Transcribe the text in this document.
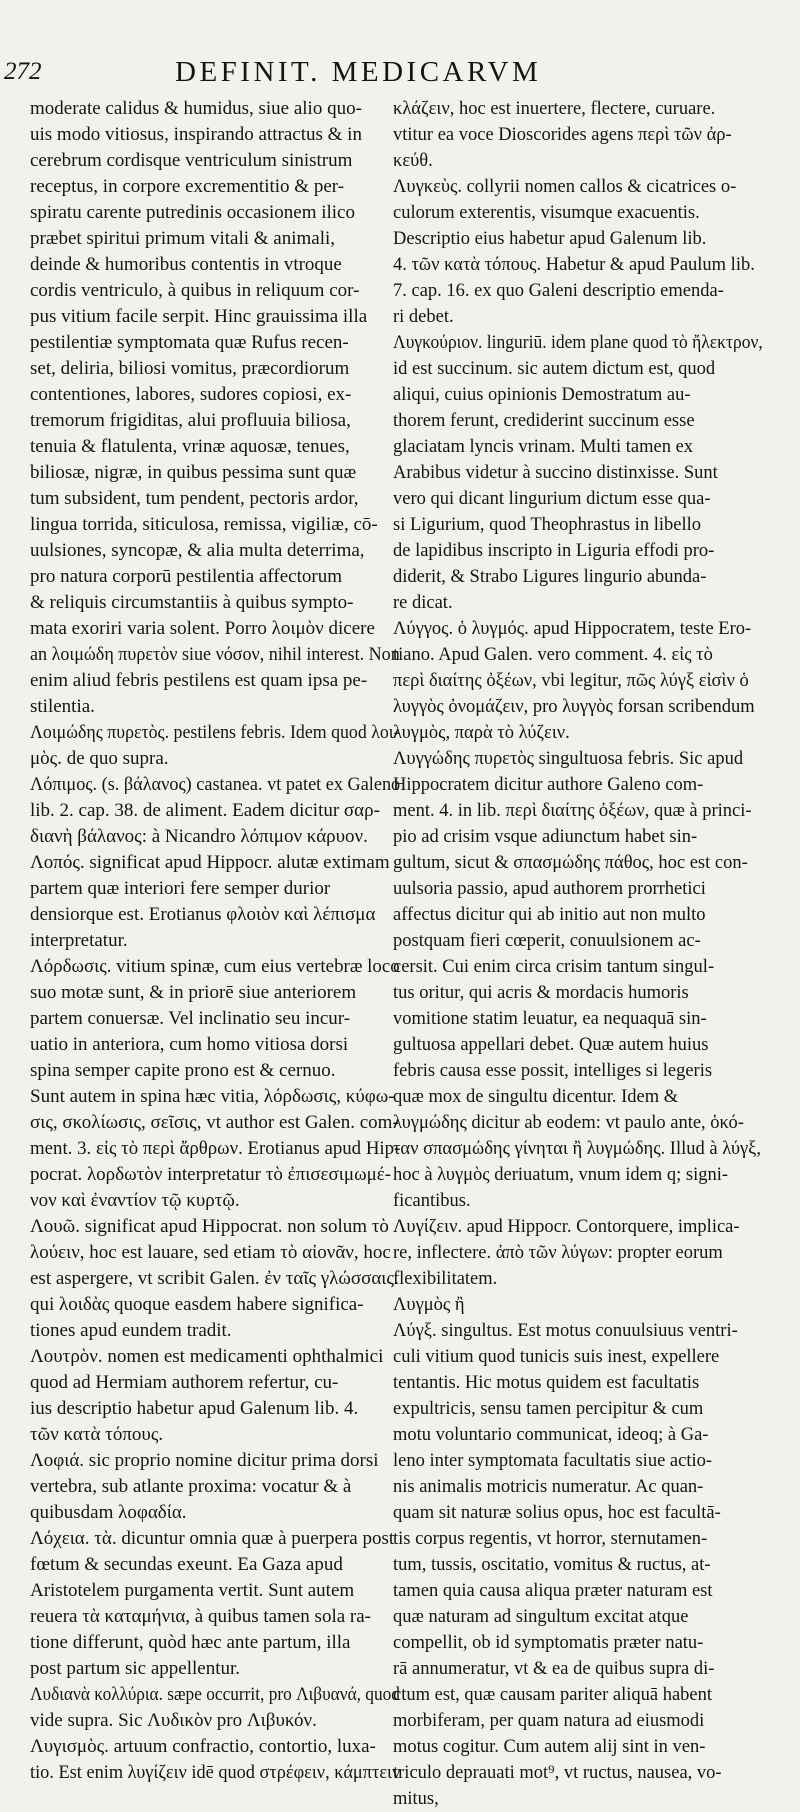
272	DEFINIT. MEDICARVM
moderate calidus & humidus, siue alio quo-
uis modo vitiosus, inspirando attractus & in
cerebrum cordisque ventriculum sinistrum
receptus, in corpore excrementitio & per-
spiratu carente putredinis occasionem ilico
præbet spiritui primum vitali & animali,
deinde & humoribus contentis in vtroque
cordis ventriculo, à quibus in reliquum cor-
pus vitium facile serpit. Hinc grauissima illa
pestilentiæ symptomata quæ Rufus recen-
set, deliria, biliosi vomitus, præcordiorum
contentiones, labores, sudores copiosi, ex-
tremorum frigiditas, alui profluuia biliosa,
tenuia & flatulenta, vrinæ aquosæ, tenues,
biliosæ, nigræ, in quibus pessima sunt quæ
tum subsident, tum pendent, pectoris ardor,
lingua torrida, siticulosa, remissa, vigiliæ, cō-
uulsiones, syncopæ, & alia multa deterrima,
pro natura corporū pestilentia affectorum
& reliquis circumstantiis à quibus sympto-
mata exoriri varia solent. Porro λοιμὸν dicere
an λοιμώδη πυρετὸν siue νόσον, nihil interest. Non
enim aliud febris pestilens est quam ipsa pe-
stilentia.
Λοιμώδης πυρετὸς. pestilens febris. Idem quod λοι-
μὸς. de quo supra.
Λόπιμος. (s. βάλανος) castanea. vt patet ex Galeno
lib. 2. cap. 38. de aliment. Eadem dicitur σαρ-
διανὴ βάλανος: à Nicandro λόπιμον κάρυον.
Λοπός. significat apud Hippocr. alutæ extimam
partem quæ interiori fere semper durior
densiorque est. Erotianus φλοιὸν καὶ λέπισμα
interpretatur.
Λόρδωσις. vitium spinæ, cum eius vertebræ loco
suo motæ sunt, & in priorē siue anteriorem
partem conuersæ. Vel inclinatio seu incur-
uatio in anteriora, cum homo vitiosa dorsi
spina semper capite prono est & cernuo.
Sunt autem in spina hæc vitia, λόρδωσις, κύφω-
σις, σκολίωσις, σεῖσις, vt author est Galen. com-
ment. 3. εἰς τὸ περὶ ἄρθρων. Erotianus apud Hip-
pocrat. λορδωτὸν interpretatur τὸ ἐπισεσιμωμέ-
νον καὶ ἐναντίον τῷ κυρτῷ.
Λουῶ. significat apud Hippocrat. non solum τὸ
λούειν, hoc est lauare, sed etiam τὸ αἰονᾶν, hoc
est aspergere, vt scribit Galen. ἐν ταῖς γλώσσαις.
qui λοιδὰς quoque easdem habere significa-
tiones apud eundem tradit.
Λουτρὸν. nomen est medicamenti ophthalmici
quod ad Hermiam authorem refertur, cu-
ius descriptio habetur apud Galenum lib. 4.
τῶν κατὰ τόπους.
Λοφιά. sic proprio nomine dicitur prima dorsi
vertebra, sub atlante proxima: vocatur & à
quibusdam λοφαδία.
Λόχεια. τὰ. dicuntur omnia quæ à puerpera post
fœtum & secundas exeunt. Ea Gaza apud
Aristotelem purgamenta vertit. Sunt autem
reuera τὰ καταμήνια, à quibus tamen sola ra-
tione differunt, quòd hæc ante partum, illa
post partum sic appellentur.
Λυδιανὰ κολλύρια. sæpe occurrit, pro Λιβυανά, quod
vide supra. Sic Λυδικὸν pro Λιβυκόν.
Λυγισμὸς. artuum confractio, contortio, luxa-
tio. Est enim λυγίζειν idē quod στρέφειν, κάμπτειν
κλάζειν, hoc est inuertere, flectere, curuare.
vtitur ea voce Dioscorides agens περὶ τῶν ἀρ-
κεύθ.
Λυγκεὺς. collyrii nomen callos & cicatrices o-
culorum exterentis, visumque exacuentis.
Descriptio eius habetur apud Galenum lib.
4. τῶν κατὰ τόπους. Habetur & apud Paulum lib.
7. cap. 16. ex quo Galeni descriptio emenda-
ri debet.
Λυγκούριον. linguriū. idem plane quod τὸ ἤλεκτρον,
id est succinum. sic autem dictum est, quod
aliqui, cuius opinionis Demostratum au-
thorem ferunt, crediderint succinum esse
glaciatam lyncis vrinam. Multi tamen ex
Arabibus videtur à succino distinxisse. Sunt
vero qui dicant lingurium dictum esse qua-
si Ligurium, quod Theophrastus in libello
de lapidibus inscripto in Liguria effodi pro-
diderit, & Strabo Ligures lingurio abunda-
re dicat.
Λύγγος. ὁ λυγμός. apud Hippocratem, teste Ero-
tiano. Apud Galen. vero comment. 4. εἰς τὸ
περὶ διαίτης ὀξέων, vbi legitur, πῶς λύγξ εἰσὶν ὁ
λυγγὸς ὀνομάζειν, pro λυγγὸς forsan scribendum
λυγμὸς, παρὰ τὸ λύζειν.
Λυγγώδης πυρετὸς singultuosa febris. Sic apud
Hippocratem dicitur authore Galeno com-
ment. 4. in lib. περὶ διαίτης ὀξέων, quæ à princi-
pio ad crisim vsque adiunctum habet sin-
gultum, sicut & σπασμώδης πάθος, hoc est con-
uulsoria passio, apud authorem prorrhetici
affectus dicitur qui ab initio aut non multo
postquam fieri cœperit, conuulsionem ac-
cersit. Cui enim circa crisim tantum singul-
tus oritur, qui acris & mordacis humoris
vomitione statim leuatur, ea nequaquā sin-
gultuosa appellari debet. Quæ autem huius
febris causa esse possit, intelliges si legeris
quæ mox de singultu dicentur. Idem &
λυγμώδης dicitur ab eodem: vt paulo ante, ὁκό-
ταν σπασμώδης γίνηται ἢ λυγμώδης. Illud à λύγξ,
hoc à λυγμὸς deriuatum, vnum idem q; signi-
ficantibus.
Λυγίζειν. apud Hippocr. Contorquere, implica-
re, inflectere. ἀπὸ τῶν λύγων: propter eorum
flexibilitatem.
Λυγμὸς ἢ
Λύγξ. singultus. Est motus conuulsiuus ventri-
culi vitium quod tunicis suis inest, expellere
tentantis. Hic motus quidem est facultatis
expultricis, sensu tamen percipitur & cum
motu voluntario communicat, ideoq; à Ga-
leno inter symptomata facultatis siue actio-
nis animalis motricis numeratur. Ac quan-
quam sit naturæ solius opus, hoc est facultā-
tis corpus regentis, vt horror, sternutamen-
tum, tussis, oscitatio, vomitus & ructus, at-
tamen quia causa aliqua præter naturam est
quæ naturam ad singultum excitat atque
compellit, ob id symptomatis præter natu-
rā annumeratur, vt & ea de quibus supra di-
ctum est, quæ causam pariter aliquā habent
morbiferam, per quam natura ad eiusmodi
motus cogitur. Cum autem alij sint in ven-
triculo deprauati mot⁹, vt ructus, nausea, vo-
mitus,
